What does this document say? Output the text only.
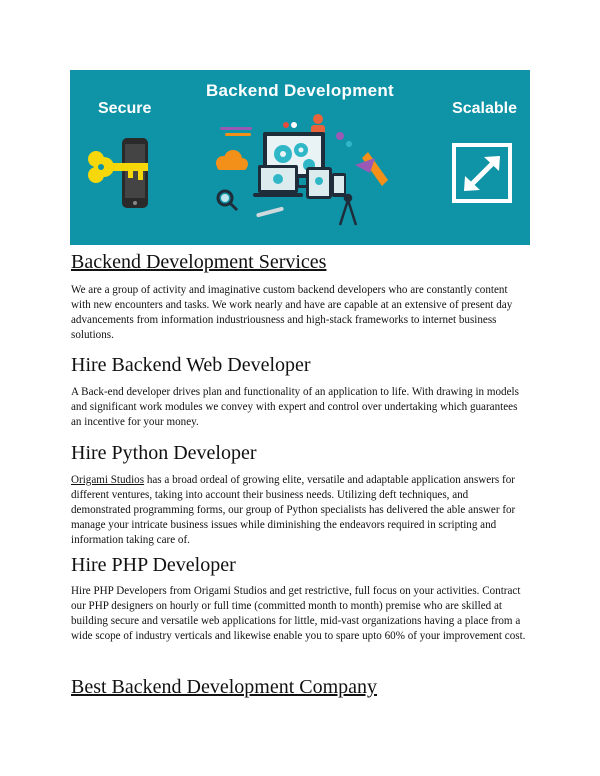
Backend Development
Secure	Scalable
Backend Development Services

We are a group of activity and imaginative custom backend developers who are constantly content with new encounters and tasks. We work nearly and have are capable at an extensive of present day advancements from information industriousness and high-stack frameworks to internet business solutions.

Hire Backend Web Developer

A Back-end developer drives plan and functionality of an application to life. With drawing in models and significant work modules we convey with expert and control over undertaking which guarantees an incentive for your money.

Hire Python Developer

Origami Studios has a broad ordeal of growing elite, versatile and adaptable application answers for different ventures, taking into account their business needs. Utilizing deft techniques, and demonstrated programming forms, our group of Python specialists has delivered the able answer for manage your intricate business issues while diminishing the endeavors required in scripting and information taking care of.

Hire PHP Developer

Hire PHP Developers from Origami Studios and get restrictive, full focus on your activities. Contract our PHP designers on hourly or full time (committed month to month) premise who are skilled at building secure and versatile web applications for little, mid-vast organizations having a place from a wide scope of industry verticals and likewise enable you to spare upto 60% of your improvement cost.

Best Backend Development Company
